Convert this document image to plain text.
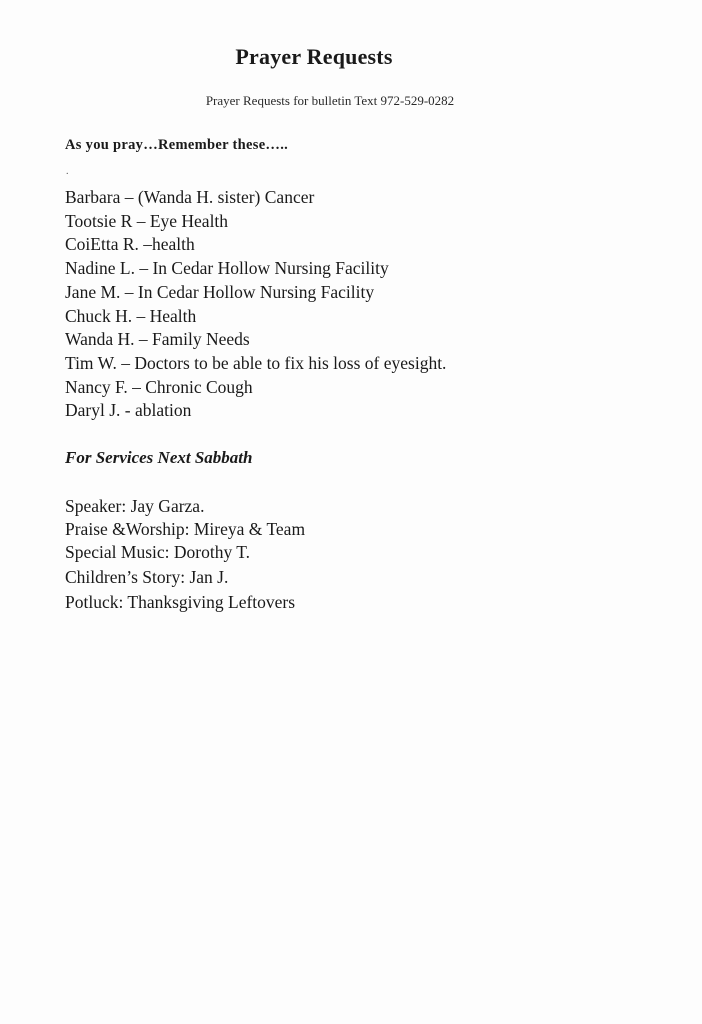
Prayer Requests
Prayer Requests for bulletin Text 972-529-0282
As you pray…Remember these…..
.
Barbara – (Wanda H. sister) Cancer
Tootsie R – Eye Health
CoiEtta R. –health
Nadine L. – In Cedar Hollow Nursing Facility
Jane M. – In Cedar Hollow Nursing Facility
Chuck H. – Health
Wanda H. – Family Needs
Tim W. – Doctors to be able to fix his loss of eyesight.
Nancy F. – Chronic Cough
Daryl J. - ablation
For Services Next Sabbath
Speaker: Jay Garza.
Praise &Worship: Mireya & Team
Special Music: Dorothy T.
Children’s Story: Jan J.
Potluck: Thanksgiving Leftovers
